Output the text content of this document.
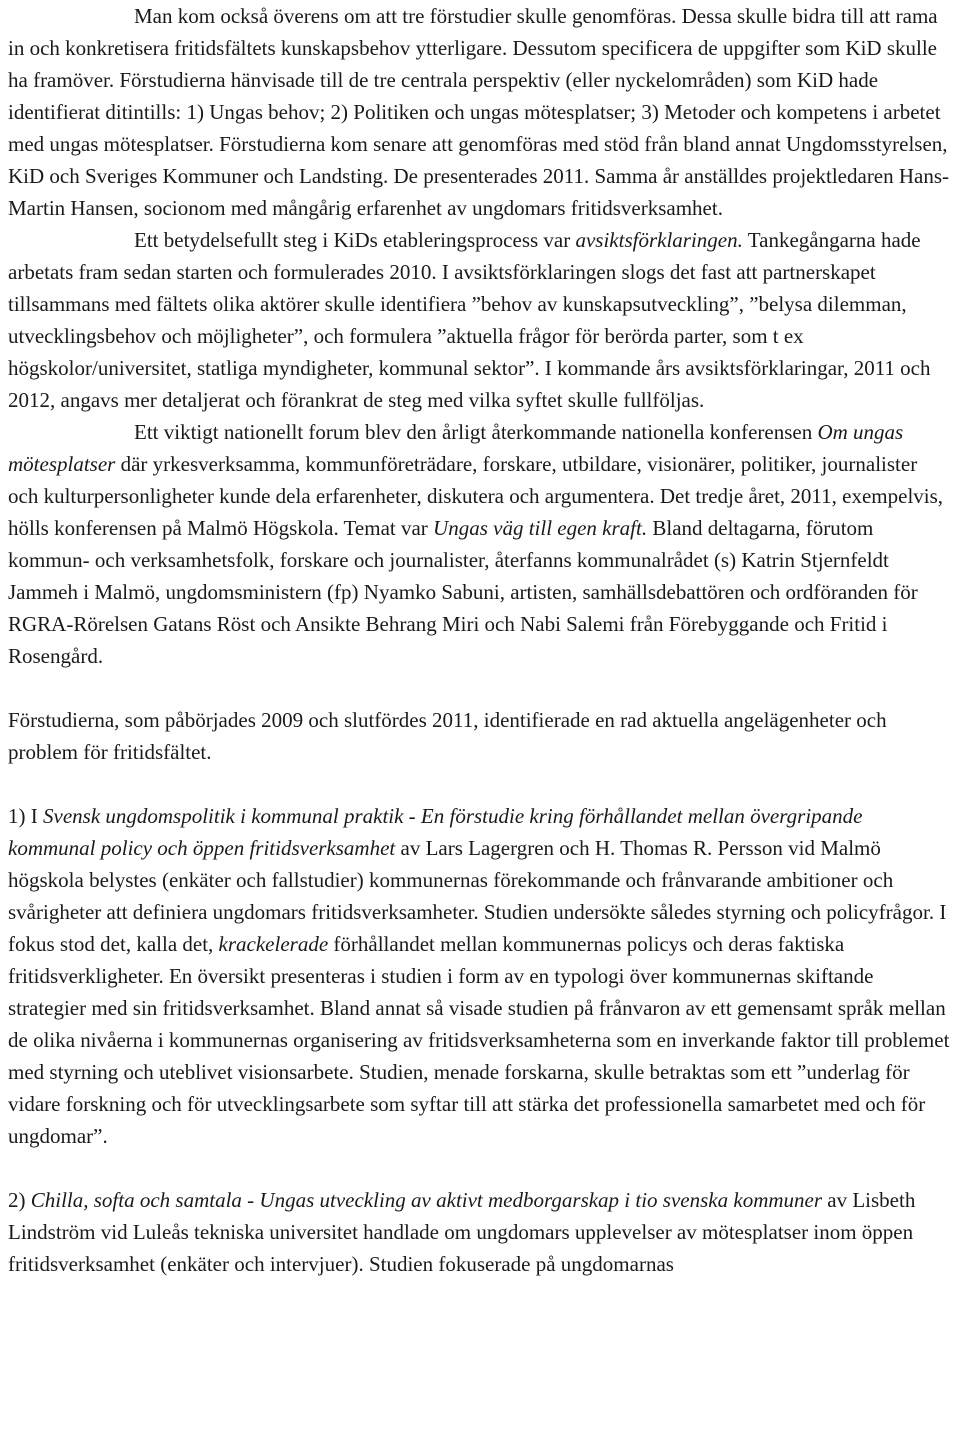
Man kom också överens om att tre förstudier skulle genomföras. Dessa skulle bidra till att rama in och konkretisera fritidsfältets kunskapsbehov ytterligare. Dessutom specificera de uppgifter som KiD skulle ha framöver. Förstudierna hänvisade till de tre centrala perspektiv (eller nyckelområden) som KiD hade identifierat ditintills: 1) Ungas behov; 2) Politiken och ungas mötesplatser; 3) Metoder och kompetens i arbetet med ungas mötesplatser. Förstudierna kom senare att genomföras med stöd från bland annat Ungdomsstyrelsen, KiD och Sveriges Kommuner och Landsting. De presenterades 2011. Samma år anställdes projektledaren Hans-Martin Hansen, socionom med mångårig erfarenhet av ungdomars fritidsverksamhet.

Ett betydelsefullt steg i KiDs etableringsprocess var avsiktsförklaringen. Tankegångarna hade arbetats fram sedan starten och formulerades 2010. I avsiktsförklaringen slogs det fast att partnerskapet tillsammans med fältets olika aktörer skulle identifiera ”behov av kunskapsutveckling”, ”belysa dilemman, utvecklingsbehov och möjligheter”, och formulera ”aktuella frågor för berörda parter, som t ex högskolor/universitet, statliga myndigheter, kommunal sektor”. I kommande års avsiktsförklaringar, 2011 och 2012, angavs mer detaljerat och förankrat de steg med vilka syftet skulle fullföljas.

Ett viktigt nationellt forum blev den årligt återkommande nationella konferensen Om ungas mötesplatser där yrkesverksamma, kommunföreträdare, forskare, utbildare, visionärer, politiker, journalister och kulturpersonligheter kunde dela erfarenheter, diskutera och argumentera. Det tredje året, 2011, exempelvis, hölls konferensen på Malmö Högskola. Temat var Ungas väg till egen kraft. Bland deltagarna, förutom kommun- och verksamhetsfolk, forskare och journalister, återfanns kommunalrådet (s) Katrin Stjernfeldt Jammeh i Malmö, ungdomsministern (fp) Nyamko Sabuni, artisten, samhällsdebattören och ordföranden för RGRA-Rörelsen Gatans Röst och Ansikte Behrang Miri och Nabi Salemi från Förebyggande och Fritid i Rosengård.

Förstudierna, som påbörjades 2009 och slutfördes 2011, identifierade en rad aktuella angelägenheter och problem för fritidsfältet.

1) I Svensk ungdomspolitik i kommunal praktik - En förstudie kring förhållandet mellan övergripande kommunal policy och öppen fritidsverksamhet av Lars Lagergren och H. Thomas R. Persson vid Malmö högskola belystes (enkäter och fallstudier) kommunernas förekommande och frånvarande ambitioner och svårigheter att definiera ungdomars fritidsverksamheter. Studien undersökte således styrning och policyfrågor. I fokus stod det, kalla det, krackelerade förhållandet mellan kommunernas policys och deras faktiska fritidsverkligheter. En översikt presenteras i studien i form av en typologi över kommunernas skiftande strategier med sin fritidsverksamhet. Bland annat så visade studien på frånvaron av ett gemensamt språk mellan de olika nivåerna i kommunernas organisering av fritidsverksamheterna som en inverkande faktor till problemet med styrning och uteblivet visionsarbete. Studien, menade forskarna, skulle betraktas som ett ”underlag för vidare forskning och för utvecklingsarbete som syftar till att stärka det professionella samarbetet med och för ungdomar”.

2) Chilla, softa och samtala - Ungas utveckling av aktivt medborgarskap i tio svenska kommuner av Lisbeth Lindström vid Luleås tekniska universitet handlade om ungdomars upplevelser av mötesplatser inom öppen fritidsverksamhet (enkäter och intervjuer). Studien fokuserade på ungdomarnas
